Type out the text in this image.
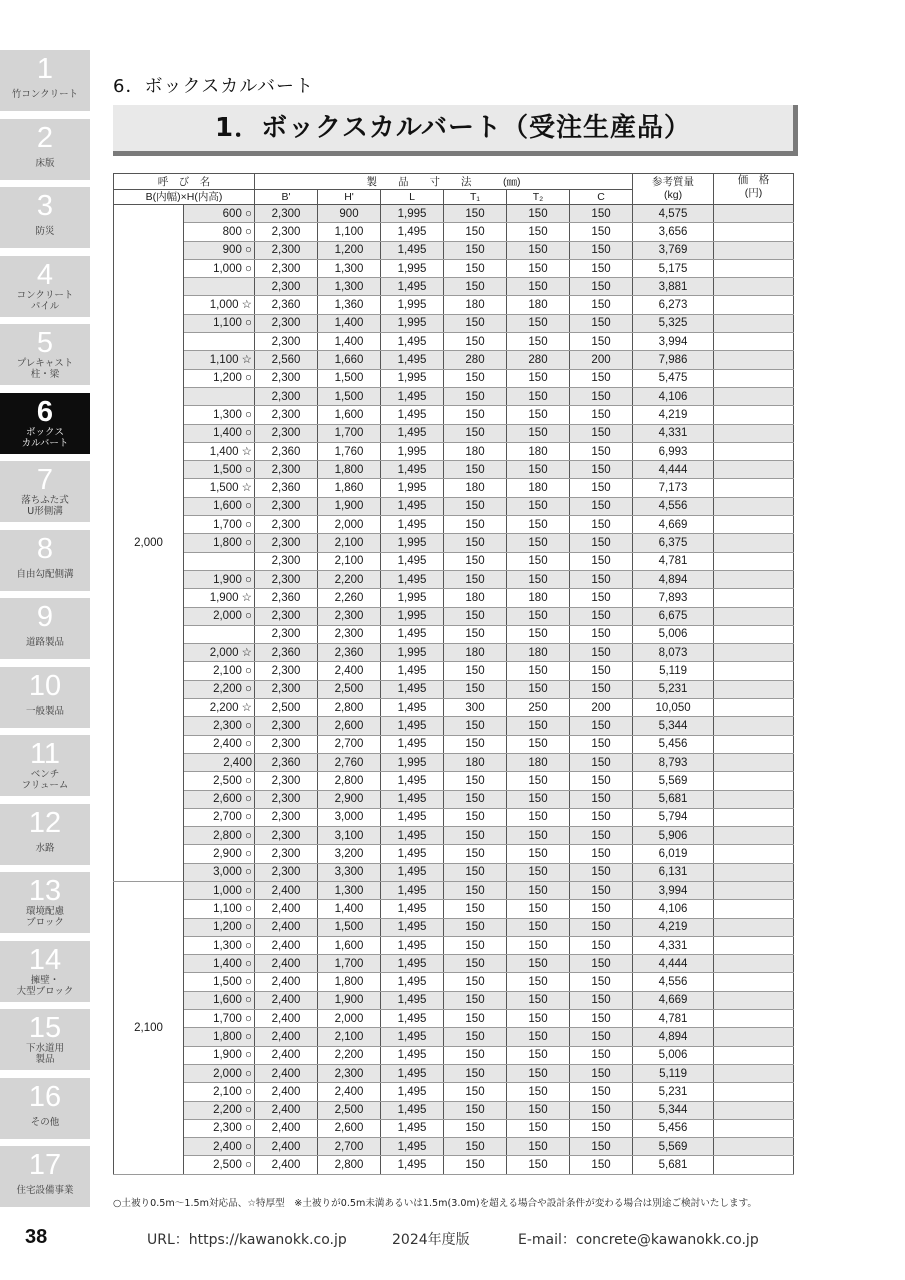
1
竹コンクリート
2
床版
3
防災
4
コンクリート
パイル
5
プレキャスト
柱・梁
6
ボックス
カルバート
7
落ちふた式
U形側溝
8
自由勾配側溝
9
道路製品
10
一般製品
11
ベンチ
フリューム
12
水路
13
環境配慮
ブロック
14
擁壁・
大型ブロック
15
下水道用
製品
16
その他
17
住宅設備事業
6．ボックスカルバート
1．ボックスカルバート（受注生産品）
呼　び　名		製　　品　　寸　　法　　　(㎜)						参考質量
(kg)	価　格
(円)
B(内幅)×H(内高)		B'	H'	L	T₁	T₂	C		
2,000	600 ○	2,300	900	1,995	150	150	150	4,575	
	800 ○	2,300	1,100	1,495	150	150	150	3,656	
	900 ○	2,300	1,200	1,495	150	150	150	3,769	
	1,000 ○	2,300	1,300	1,995	150	150	150	5,175	
		2,300	1,300	1,495	150	150	150	3,881	
	1,000 ☆	2,360	1,360	1,995	180	180	150	6,273	
	1,100 ○	2,300	1,400	1,995	150	150	150	5,325	
		2,300	1,400	1,495	150	150	150	3,994	
	1,100 ☆	2,560	1,660	1,495	280	280	200	7,986	
	1,200 ○	2,300	1,500	1,995	150	150	150	5,475	
		2,300	1,500	1,495	150	150	150	4,106	
	1,300 ○	2,300	1,600	1,495	150	150	150	4,219	
	1,400 ○	2,300	1,700	1,495	150	150	150	4,331	
	1,400 ☆	2,360	1,760	1,995	180	180	150	6,993	
	1,500 ○	2,300	1,800	1,495	150	150	150	4,444	
	1,500 ☆	2,360	1,860	1,995	180	180	150	7,173	
	1,600 ○	2,300	1,900	1,495	150	150	150	4,556	
	1,700 ○	2,300	2,000	1,495	150	150	150	4,669	
	1,800 ○	2,300	2,100	1,995	150	150	150	6,375	
		2,300	2,100	1,495	150	150	150	4,781	
	1,900 ○	2,300	2,200	1,495	150	150	150	4,894	
	1,900 ☆	2,360	2,260	1,995	180	180	150	7,893	
	2,000 ○	2,300	2,300	1,995	150	150	150	6,675	
		2,300	2,300	1,495	150	150	150	5,006	
	2,000 ☆	2,360	2,360	1,995	180	180	150	8,073	
	2,100 ○	2,300	2,400	1,495	150	150	150	5,119	
	2,200 ○	2,300	2,500	1,495	150	150	150	5,231	
	2,200 ☆	2,500	2,800	1,495	300	250	200	10,050	
	2,300 ○	2,300	2,600	1,495	150	150	150	5,344	
	2,400 ○	2,300	2,700	1,495	150	150	150	5,456	
	2,400	2,360	2,760	1,995	180	180	150	8,793	
	2,500 ○	2,300	2,800	1,495	150	150	150	5,569	
	2,600 ○	2,300	2,900	1,495	150	150	150	5,681	
	2,700 ○	2,300	3,000	1,495	150	150	150	5,794	
	2,800 ○	2,300	3,100	1,495	150	150	150	5,906	
	2,900 ○	2,300	3,200	1,495	150	150	150	6,019	
	3,000 ○	2,300	3,300	1,495	150	150	150	6,131	
2,100	1,000 ○	2,400	1,300	1,495	150	150	150	3,994	
	1,100 ○	2,400	1,400	1,495	150	150	150	4,106	
	1,200 ○	2,400	1,500	1,495	150	150	150	4,219	
	1,300 ○	2,400	1,600	1,495	150	150	150	4,331	
	1,400 ○	2,400	1,700	1,495	150	150	150	4,444	
	1,500 ○	2,400	1,800	1,495	150	150	150	4,556	
	1,600 ○	2,400	1,900	1,495	150	150	150	4,669	
	1,700 ○	2,400	2,000	1,495	150	150	150	4,781	
	1,800 ○	2,400	2,100	1,495	150	150	150	4,894	
	1,900 ○	2,400	2,200	1,495	150	150	150	5,006	
	2,000 ○	2,400	2,300	1,495	150	150	150	5,119	
	2,100 ○	2,400	2,400	1,495	150	150	150	5,231	
	2,200 ○	2,400	2,500	1,495	150	150	150	5,344	
	2,300 ○	2,400	2,600	1,495	150	150	150	5,456	
	2,400 ○	2,400	2,700	1,495	150	150	150	5,569	
	2,500 ○	2,400	2,800	1,495	150	150	150	5,681	
○土被り0.5m〜1.5m対応品、☆特厚型　※土被りが0.5m未満あるいは1.5m(3.0m)を超える場合や設計条件が変わる場合は別途ご検討いたします。
38	URL：https://kawanokk.co.jp	2024年度版	E-mail：concrete@kawanokk.co.jp
